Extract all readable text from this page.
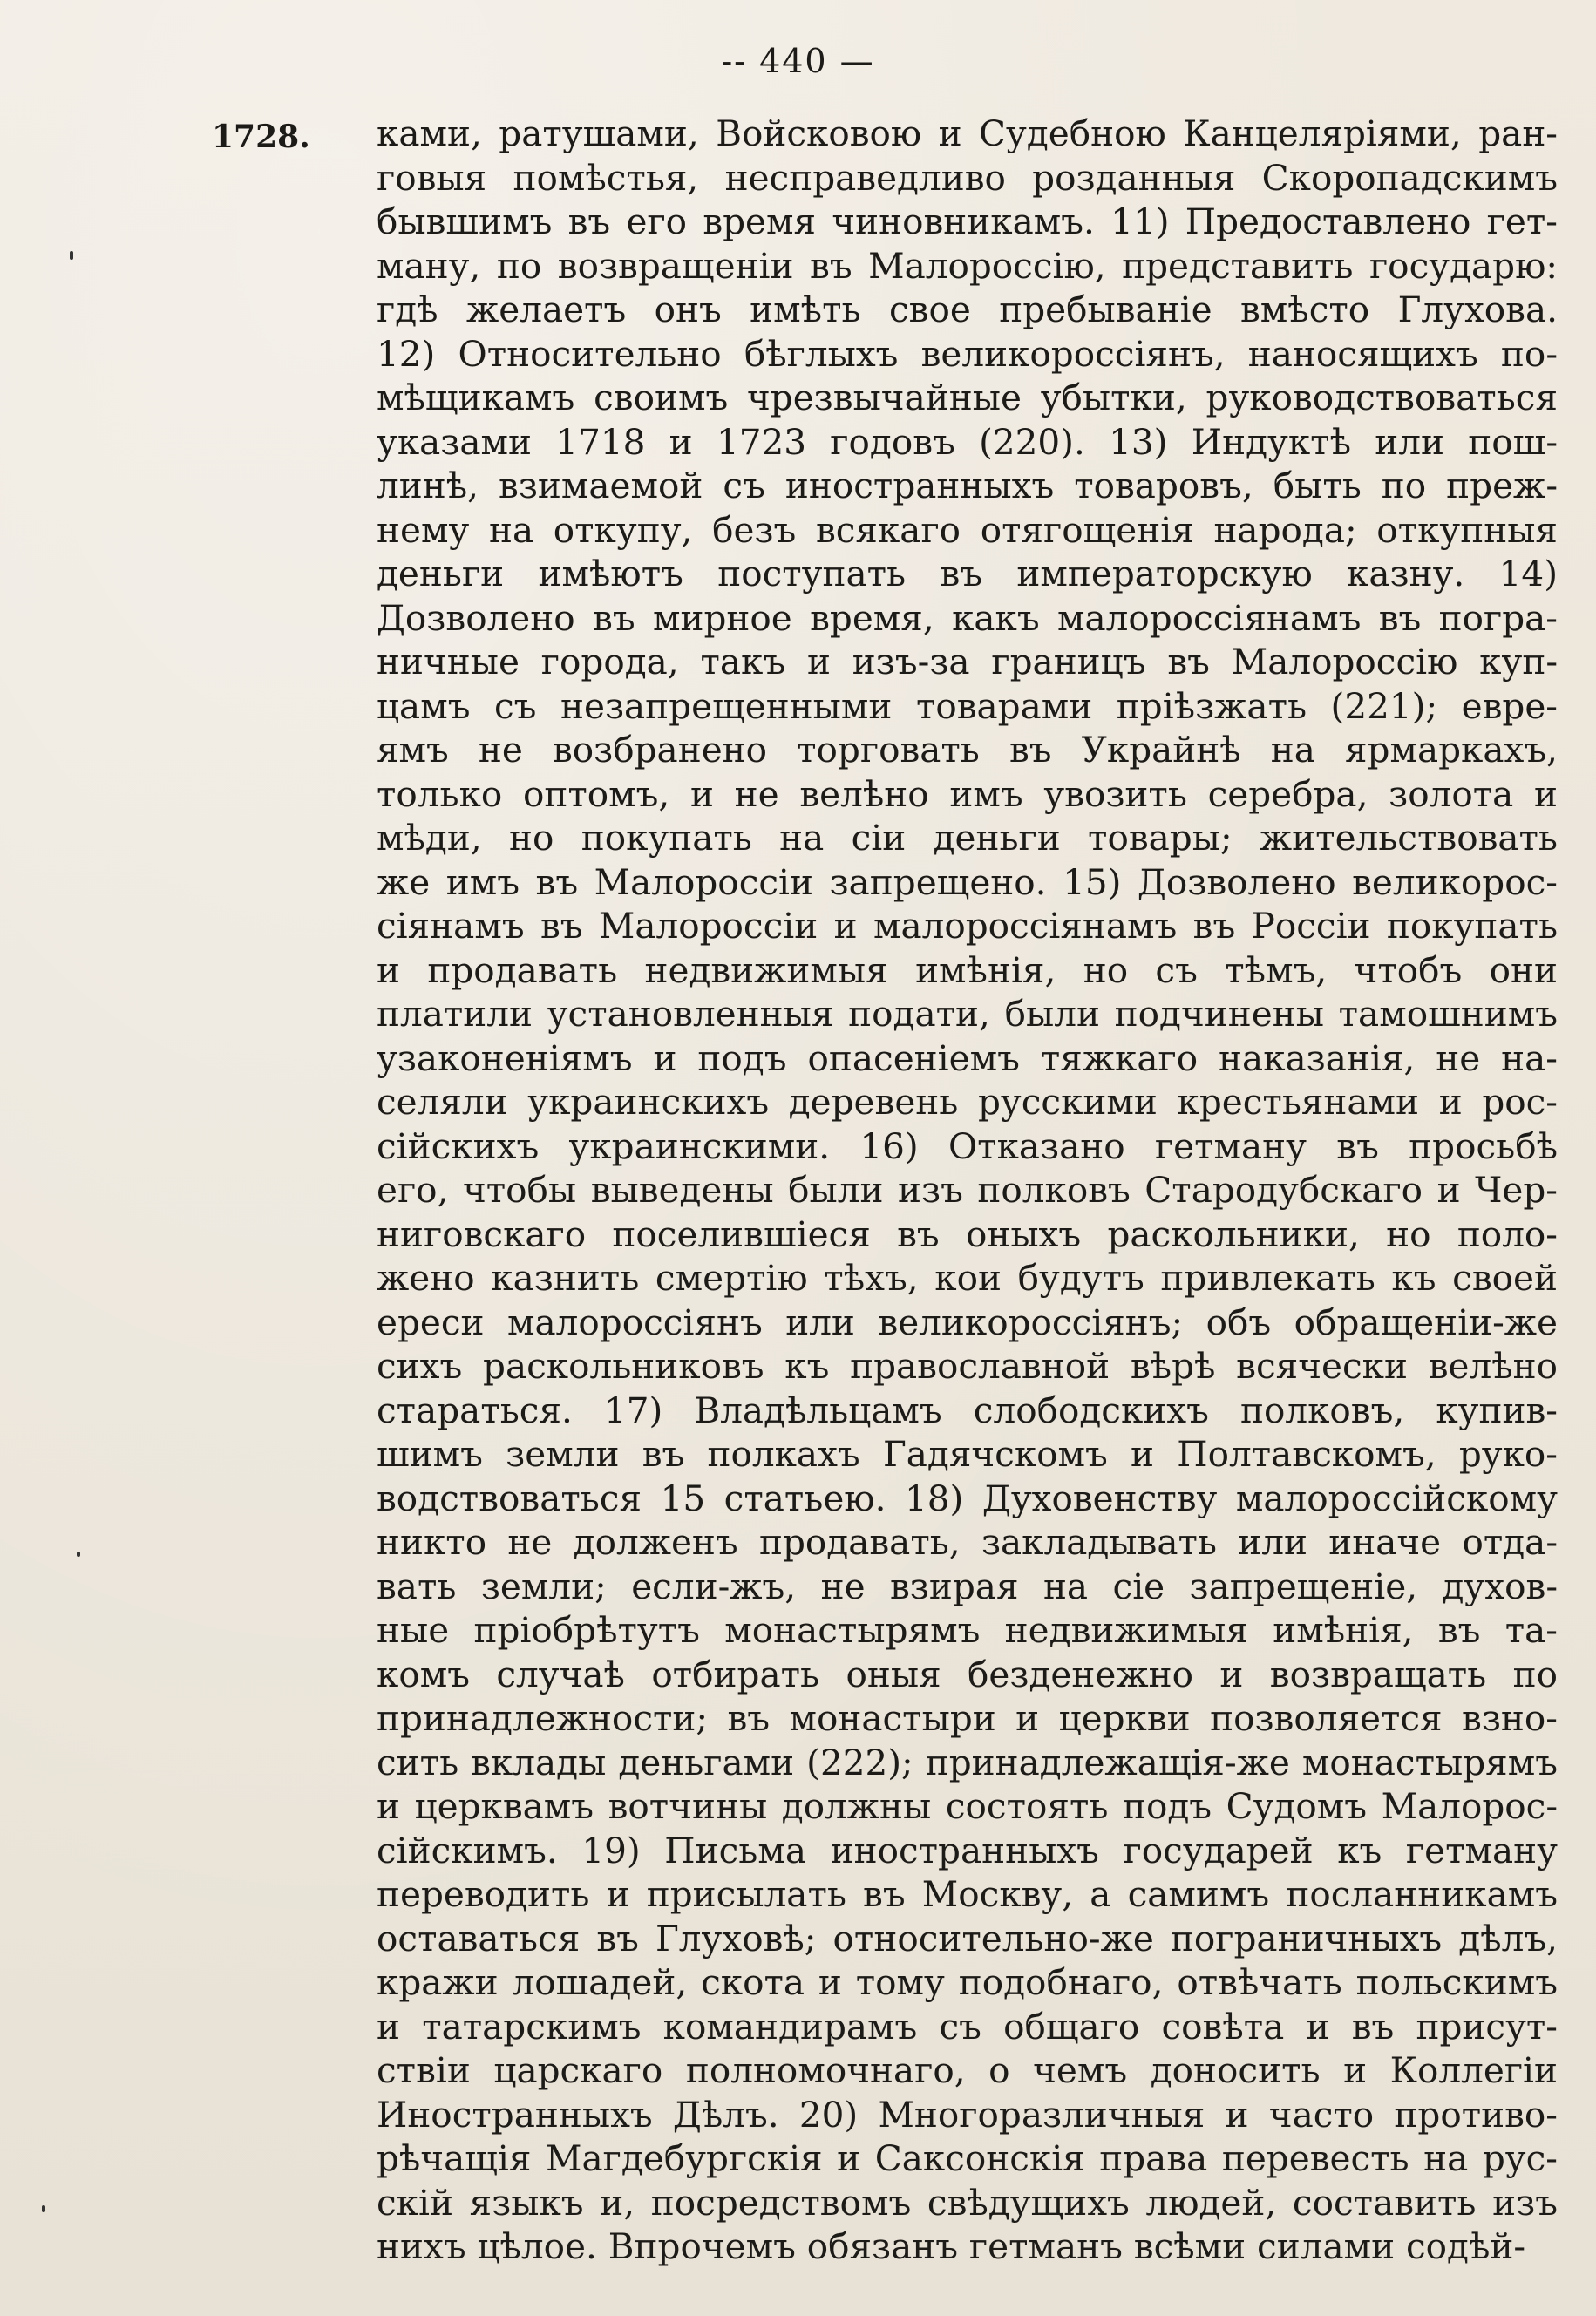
-- 440 —
1728. ками, ратушами, Войсковою и Судебною Канцеляріями, ран-
говыя помѣстья, несправедливо розданныя Скоропадскимъ
бывшимъ въ его время чиновникамъ. 11) Предоставлено гет-
ману, по возвращеніи въ Малороссію, представить государю:
гдѣ желаетъ онъ имѣть свое пребываніе вмѣсто Глухова.
12) Относительно бѣглыхъ великороссіянъ, наносящихъ по-
мѣщикамъ своимъ чрезвычайные убытки, руководствоваться
указами 1718 и 1723 годовъ (220). 13) Индуктѣ или пош-
линѣ, взимаемой съ иностранныхъ товаровъ, быть по преж-
нему на откупу, безъ всякаго отягощенія народа; откупныя
деньги имѣютъ поступать въ императорскую казну. 14)
Дозволено въ мирное время, какъ малороссіянамъ въ погра-
ничные города, такъ и изъ-за границъ въ Малороссію куп-
цамъ съ незапрещенными товарами пріѣзжать (221); евре-
ямъ не возбранено торговать въ Украйнѣ на ярмаркахъ,
только оптомъ, и не велѣно имъ увозить серебра, золота и
мѣди, но покупать на сіи деньги товары; жительствовать
же имъ въ Малороссіи запрещено. 15) Дозволено великорос-
сіянамъ въ Малороссіи и малороссіянамъ въ Россіи покупать
и продавать недвижимыя имѣнія, но съ тѣмъ, чтобъ они
платили установленныя подати, были подчинены тамошнимъ
узаконеніямъ и подъ опасеніемъ тяжкаго наказанія, не на-
селяли украинскихъ деревень русскими крестьянами и рос-
сійскихъ украинскими. 16) Отказано гетману въ просьбѣ
его, чтобы выведены были изъ полковъ Стародубскаго и Чер-
ниговскаго поселившіеся въ оныхъ раскольники, но поло-
жено казнить смертію тѣхъ, кои будутъ привлекать къ своей
ереси малороссіянъ или великороссіянъ; объ обращеніи-же
сихъ раскольниковъ къ православной вѣрѣ всячески велѣно
стараться. 17) Владѣльцамъ слободскихъ полковъ, купив-
шимъ земли въ полкахъ Гадячскомъ и Полтавскомъ, руко-
водствоваться 15 статьею. 18) Духовенству малороссійскому
никто не долженъ продавать, закладывать или иначе отда-
вать земли; если-жъ, не взирая на сіе запрещеніе, духов-
ные пріобрѣтутъ монастырямъ недвижимыя имѣнія, въ та-
комъ случаѣ отбирать оныя безденежно и возвращать по
принадлежности; въ монастыри и церкви позволяется взно-
сить вклады деньгами (222); принадлежащія-же монастырямъ
и церквамъ вотчины должны состоять подъ Судомъ Малорос-
сійскимъ. 19) Письма иностранныхъ государей къ гетману
переводить и присылать въ Москву, а самимъ посланникамъ
оставаться въ Глуховѣ; относительно-же пограничныхъ дѣлъ,
кражи лошадей, скота и тому подобнаго, отвѣчать польскимъ
и татарскимъ командирамъ съ общаго совѣта и въ присут-
ствіи царскаго полномочнаго, о чемъ доносить и Коллегіи
Иностранныхъ Дѣлъ. 20) Многоразличныя и часто противо-
рѣчащія Магдебургскія и Саксонскія права перевесть на рус-
скій языкъ и, посредствомъ свѣдущихъ людей, составить изъ
нихъ цѣлое. Впрочемъ обязанъ гетманъ всѣми силами содѣй-
